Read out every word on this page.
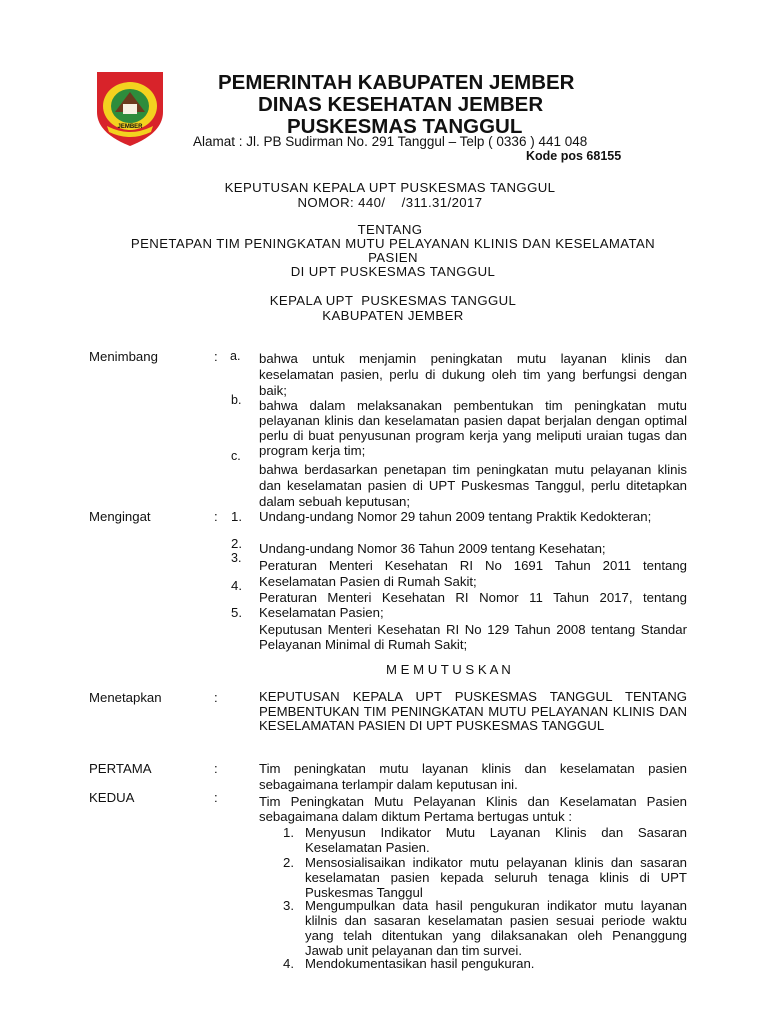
JEMBER
PEMERINTAH KABUPATEN JEMBER
DINAS KESEHATAN JEMBER
PUSKESMAS TANGGUL
Alamat : Jl. PB Sudirman No. 291 Tanggul – Telp ( 0336 ) 441 048
Kode pos 68155
KEPUTUSAN KEPALA UPT PUSKESMAS TANGGUL
NOMOR: 440/    /311.31/2017
TENTANG
PENETAPAN TIM PENINGKATAN MUTU PELAYANAN KLINIS DAN KESELAMATAN
PASIEN
DI UPT PUSKESMAS TANGGUL
KEPALA UPT  PUSKESMAS TANGGUL
KABUPATEN JEMBER
Menimbang	: a. bahwa untuk menjamin peningkatan mutu layanan klinis dan keselamatan pasien, perlu di dukung oleh tim yang berfungsi dengan baik;
b. bahwa dalam melaksanakan pembentukan tim peningkatan mutu pelayanan klinis dan keselamatan pasien dapat berjalan dengan optimal perlu di buat penyusunan program kerja yang meliputi uraian tugas dan program kerja tim;
c.
bahwa berdasarkan penetapan tim peningkatan mutu pelayanan klinis dan keselamatan pasien di UPT Puskesmas Tanggul, perlu ditetapkan dalam sebuah keputusan;
Mengingat	: 1. Undang-undang Nomor 29 tahun 2009 tentang Praktik Kedokteran;
2. Undang-undang Nomor 36 Tahun 2009 tentang Kesehatan;
3. Peraturan Menteri Kesehatan RI No 1691 Tahun 2011 tentang Keselamatan Pasien di Rumah Sakit;
4.
Peraturan Menteri Kesehatan RI Nomor 11 Tahun 2017, tentang Keselamatan Pasien;
5.
Keputusan Menteri Kesehatan RI No 129 Tahun 2008 tentang Standar Pelayanan Minimal di Rumah Sakit;
M E M U T U S K A N
Menetapkan	:	KEPUTUSAN KEPALA UPT PUSKESMAS TANGGUL TENTANG PEMBENTUKAN TIM PENINGKATAN MUTU PELAYANAN KLINIS DAN KESELAMATAN PASIEN DI UPT PUSKESMAS TANGGUL
PERTAMA	:	Tim peningkatan mutu layanan klinis dan keselamatan pasien sebagaimana terlampir dalam keputusan ini.
KEDUA	:	Tim Peningkatan Mutu Pelayanan Klinis dan Keselamatan Pasien sebagaimana dalam diktum Pertama bertugas untuk :
1. Menyusun Indikator Mutu Layanan Klinis dan Sasaran Keselamatan Pasien.
2. Mensosialisaikan indikator mutu pelayanan klinis dan sasaran keselamatan pasien kepada seluruh tenaga klinis di UPT Puskesmas Tanggul
3. Mengumpulkan data hasil pengukuran indikator mutu layanan klilnis dan sasaran keselamatan pasien sesuai periode waktu yang telah ditentukan yang dilaksanakan oleh Penanggung Jawab unit pelayanan dan tim survei.
4. Mendokumentasikan hasil pengukuran.
